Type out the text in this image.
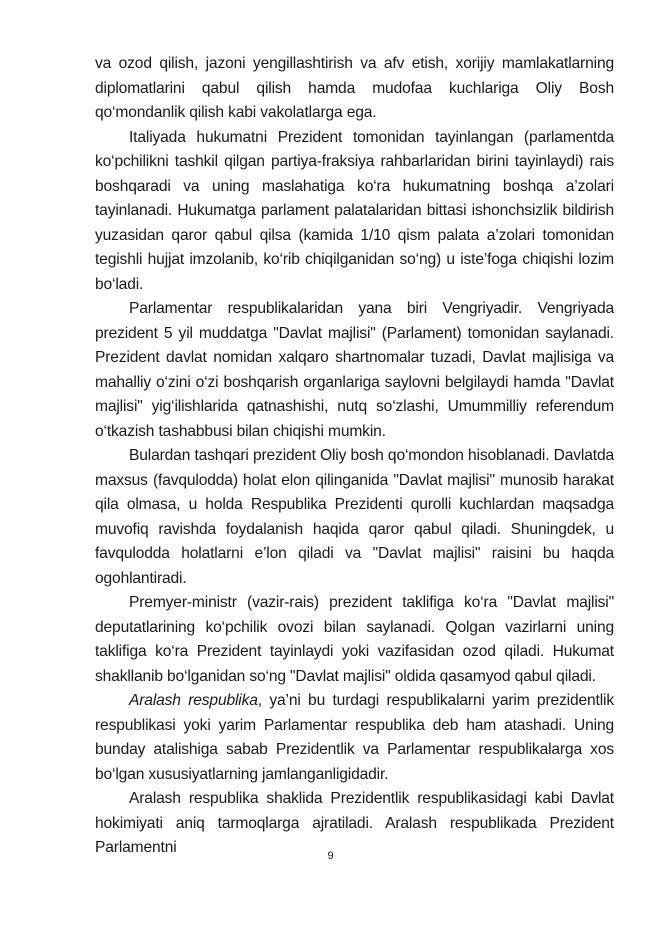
va ozod qilish, jazoni yengillashtirish va afv etish, xorijiy mamlakatlarning diplomatlarini qabul qilish hamda mudofaa kuchlariga Oliy Bosh qo‘mondanlik qilish kabi vakolatlarga ega.

Italiyada hukumatni Prezident tomonidan tayinlangan (parlamentda ko‘pchilikni tashkil qilgan partiya-fraksiya rahbarlaridan birini tayinlaydi) rais boshqaradi va uning maslahatiga ko‘ra hukumatning boshqa a’zolari tayinlanadi. Hukumatga parlament palatalaridan bittasi ishonchsizlik bildirish yuzasidan qaror qabul qilsa (kamida 1/10 qism palata a’zolari tomonidan tegishli hujjat imzolanib, ko‘rib chiqilganidan so‘ng) u iste’foga chiqishi lozim bo‘ladi.

Parlamentar respublikalaridan yana biri Vengriyadir. Vengriyada prezident 5 yil muddatga "Davlat majlisi" (Parlament) tomonidan saylanadi. Prezident davlat nomidan xalqaro shartnomalar tuzadi, Davlat majlisiga va mahalliy o‘zini o‘zi boshqarish organlariga saylovni belgilaydi hamda "Davlat majlisi" yig‘ilishlarida qatnashishi, nutq so‘zlashi, Umummilliy referendum o‘tkazish tashabbusi bilan chiqishi mumkin.

Bulardan tashqari prezident Oliy bosh qo‘mondon hisoblanadi. Davlatda maxsus (favqulodda) holat elon qilinganida "Davlat majlisi" munosib harakat qila olmasa, u holda Respublika Prezidenti qurolli kuchlardan maqsadga muvofiq ravishda foydalanish haqida qaror qabul qiladi. Shuningdek, u favqulodda holatlarni e’lon qiladi va "Davlat majlisi" raisini bu haqda ogohlantiradi.

Premyer-ministr (vazir-rais) prezident taklifiga ko‘ra "Davlat majlisi" deputatlarining ko‘pchilik ovozi bilan saylanadi. Qolgan vazirlarni uning taklifiga ko‘ra Prezident tayinlaydi yoki vazifasidan ozod qiladi. Hukumat shakllanib bo‘lganidan so‘ng "Davlat majlisi" oldida qasamyod qabul qiladi.

Aralash respublika, ya’ni bu turdagi respublikalarni yarim prezidentlik respublikasi yoki yarim Parlamentar respublika deb ham atashadi. Uning bunday atalishiga sabab Prezidentlik va Parlamentar respublikalarga xos bo‘lgan xususiyatlarning jamlanganligidadir.

Aralash respublika shaklida Prezidentlik respublikasidagi kabi Davlat hokimiyati aniq tarmoqlarga ajratiladi. Aralash respublikada Prezident Parlamentni	9
